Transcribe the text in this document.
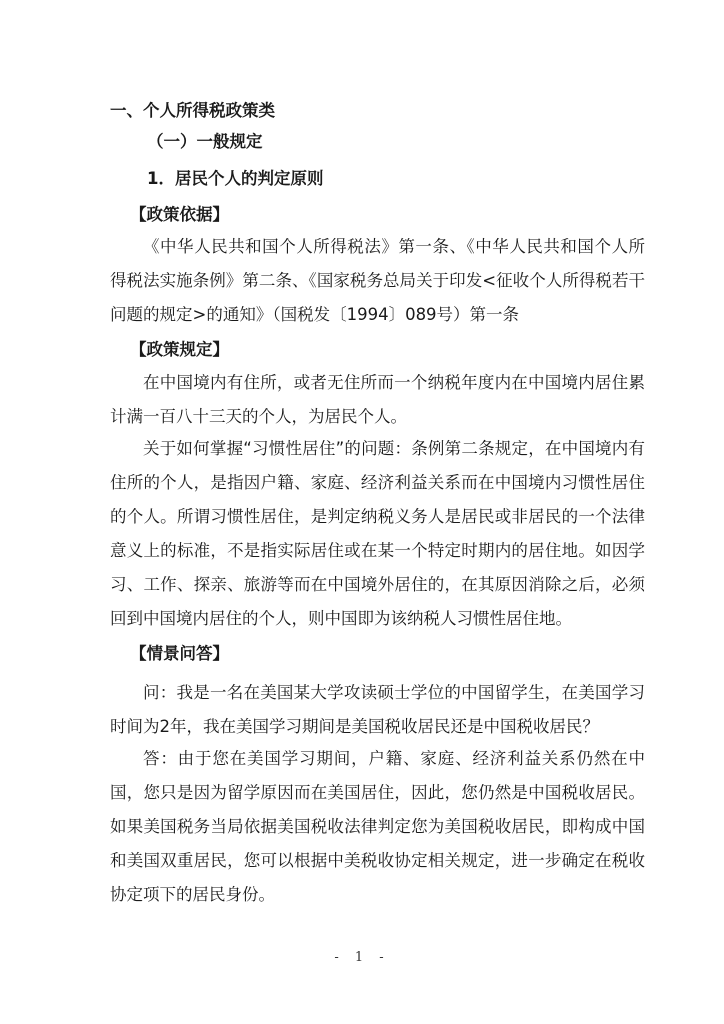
一、个人所得税政策类
（一）一般规定
1．居民个人的判定原则
【政策依据】

《中华人民共和国个人所得税法》第一条、《中华人民共和国个人所得税法实施条例》第二条、《国家税务总局关于印发<征收个人所得税若干问题的规定>的通知》（国税发〔1994〕089号）第一条

【政策规定】

在中国境内有住所，或者无住所而一个纳税年度内在中国境内居住累计满一百八十三天的个人，为居民个人。

关于如何掌握“习惯性居住”的问题：条例第二条规定，在中国境内有住所的个人，是指因户籍、家庭、经济利益关系而在中国境内习惯性居住的个人。所谓习惯性居住，是判定纳税义务人是居民或非居民的一个法律意义上的标准，不是指实际居住或在某一个特定时期内的居住地。如因学习、工作、探亲、旅游等而在中国境外居住的，在其原因消除之后，必须回到中国境内居住的个人，则中国即为该纳税人习惯性居住地。

【情景问答】

问：我是一名在美国某大学攻读硕士学位的中国留学生，在美国学习时间为2年，我在美国学习期间是美国税收居民还是中国税收居民？

答：由于您在美国学习期间，户籍、家庭、经济利益关系仍然在中国，您只是因为留学原因而在美国居住，因此，您仍然是中国税收居民。如果美国税务当局依据美国税收法律判定您为美国税收居民，即构成中国和美国双重居民，您可以根据中美税收协定相关规定，进一步确定在税收协定项下的居民身份。

- 1 -
